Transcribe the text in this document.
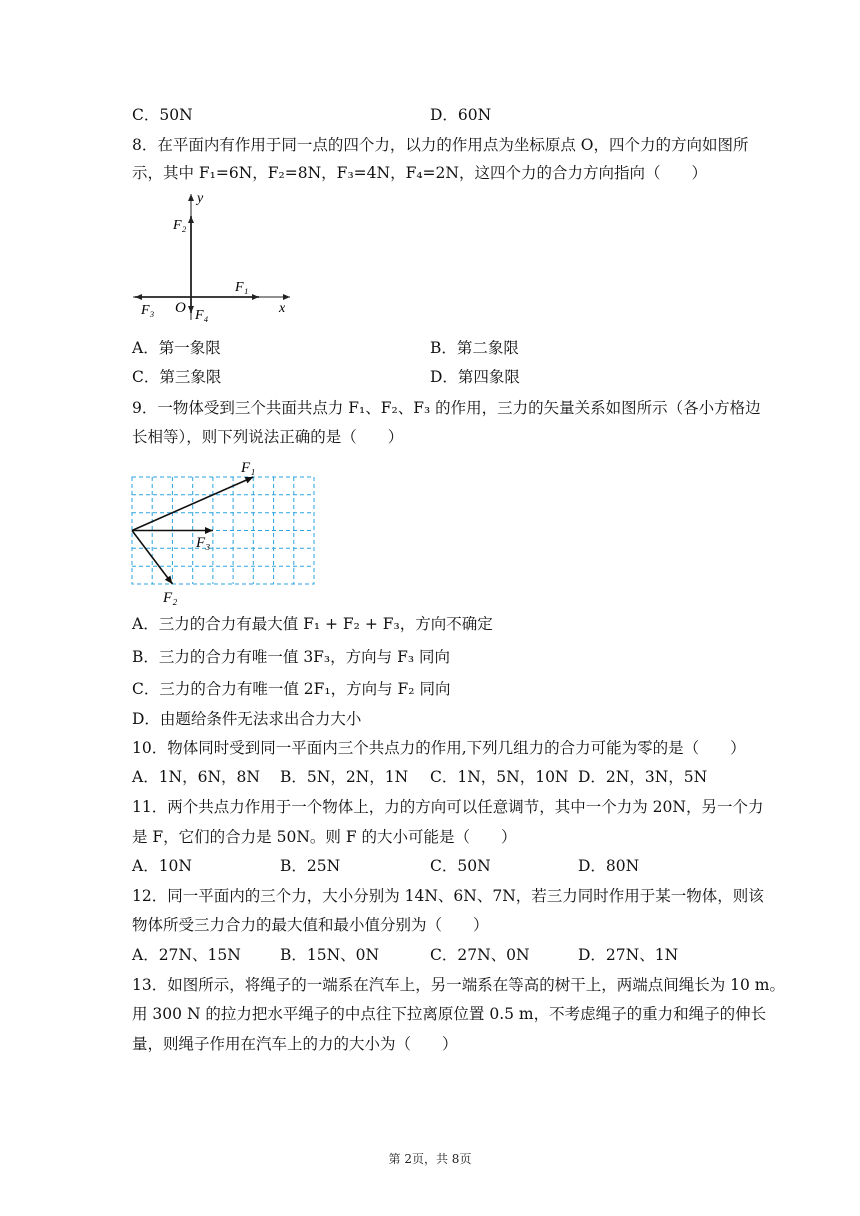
C．50N	D．60N
8．在平面内有作用于同一点的四个力，以力的作用点为坐标原点 O，四个力的方向如图所
示，其中 F₁=6N，F₂=8N，F₃=4N，F₄=2N，这四个力的合力方向指向（　　）
y
x
O
F₁
F₂
F₃	F₄
A．第一象限	B．第二象限
C．第三象限	D．第四象限
9．一物体受到三个共面共点力 F₁、F₂、F₃ 的作用，三力的矢量关系如图所示（各小方格边
长相等），则下列说法正确的是（　　）
F₁
F₃
F₂
A．三力的合力有最大值 F₁ + F₂ + F₃，方向不确定
B．三力的合力有唯一值 3F₃，方向与 F₃ 同向
C．三力的合力有唯一值 2F₁，方向与 F₂ 同向
D．由题给条件无法求出合力大小
10．物体同时受到同一平面内三个共点力的作用,下列几组力的合力可能为零的是（　　）
A．1N，6N，8N B．5N，2N，1N C．1N，5N，10N D．2N，3N，5N
11．两个共点力作用于一个物体上，力的方向可以任意调节，其中一个力为 20N，另一个力
是 F，它们的合力是 50N。则 F 的大小可能是（　　）
A．10N	B．25N	C．50N	D．80N
12．同一平面内的三个力，大小分别为 14N、6N、7N，若三力同时作用于某一物体，则该
物体所受三力合力的最大值和最小值分别为（　　）
A．27N、15N	B．15N、0N	C．27N、0N	D．27N、1N
13．如图所示，将绳子的一端系在汽车上，另一端系在等高的树干上，两端点间绳长为 10 m。
用 300 N 的拉力把水平绳子的中点往下拉离原位置 0.5 m，不考虑绳子的重力和绳子的伸长
量，则绳子作用在汽车上的力的大小为（　　）
第 2页，共 8页
